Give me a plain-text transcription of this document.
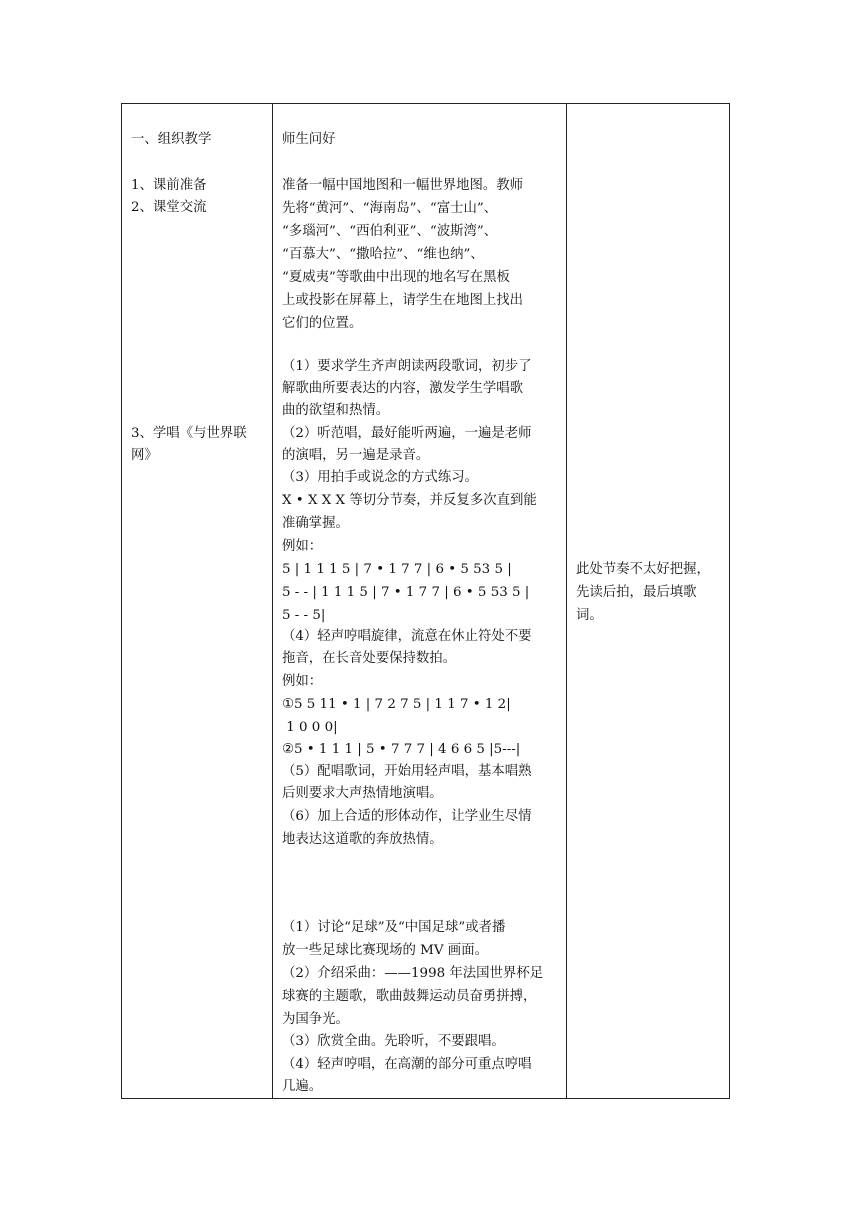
一、组织教学
1、课前准备
2、课堂交流
3、学唱《与世界联
网》
师生问好
准备一幅中国地图和一幅世界地图。教师
先将“黄河”、“海南岛”、“富士山”、
“多瑙河”、“西伯利亚”、“波斯湾”、
“百慕大”、“撒哈拉”、“维也纳”、
“夏威夷”等歌曲中出现的地名写在黑板
上或投影在屏幕上，请学生在地图上找出
它们的位置。
（1）要求学生齐声朗读两段歌词，初步了
解歌曲所要表达的内容，激发学生学唱歌
曲的欲望和热情。
（2）听范唱，最好能听两遍，一遍是老师
的演唱，另一遍是录音。
（3）用拍手或说念的方式练习。
X • X X X 等切分节奏，并反复多次直到能
准确掌握。
例如：
5 | 1 1 1 5 | 7 • 1 7 7 | 6 • 5 53 5 |
5 - - | 1 1 1 5 | 7 • 1 7 7 | 6 • 5 53 5 |
5 - - 5|
（4）轻声哼唱旋律，流意在休止符处不要
拖音，在长音处要保持数拍。
例如：
①5 5 11 • 1 | 7 2 7 5 | 1 1 7 • 1 2|
1 0 0 0|
②5 • 1 1 1 | 5 • 7 7 7 | 4 6 6 5 |5---|
（5）配唱歌词，开始用轻声唱，基本唱熟
后则要求大声热情地演唱。
（6）加上合适的形体动作，让学业生尽情
地表达这道歌的奔放热情。
（1）讨论“足球”及“中国足球”或者播
放一些足球比赛现场的 MV 画面。
（2）介绍采曲：——1998 年法国世界杯足
球赛的主题歌，歌曲鼓舞运动员奋勇拼搏，
为国争光。
（3）欣赏全曲。先聆听，不要跟唱。
（4）轻声哼唱，在高潮的部分可重点哼唱
几遍。
此处节奏不太好把握，
先读后拍，最后填歌
词。
